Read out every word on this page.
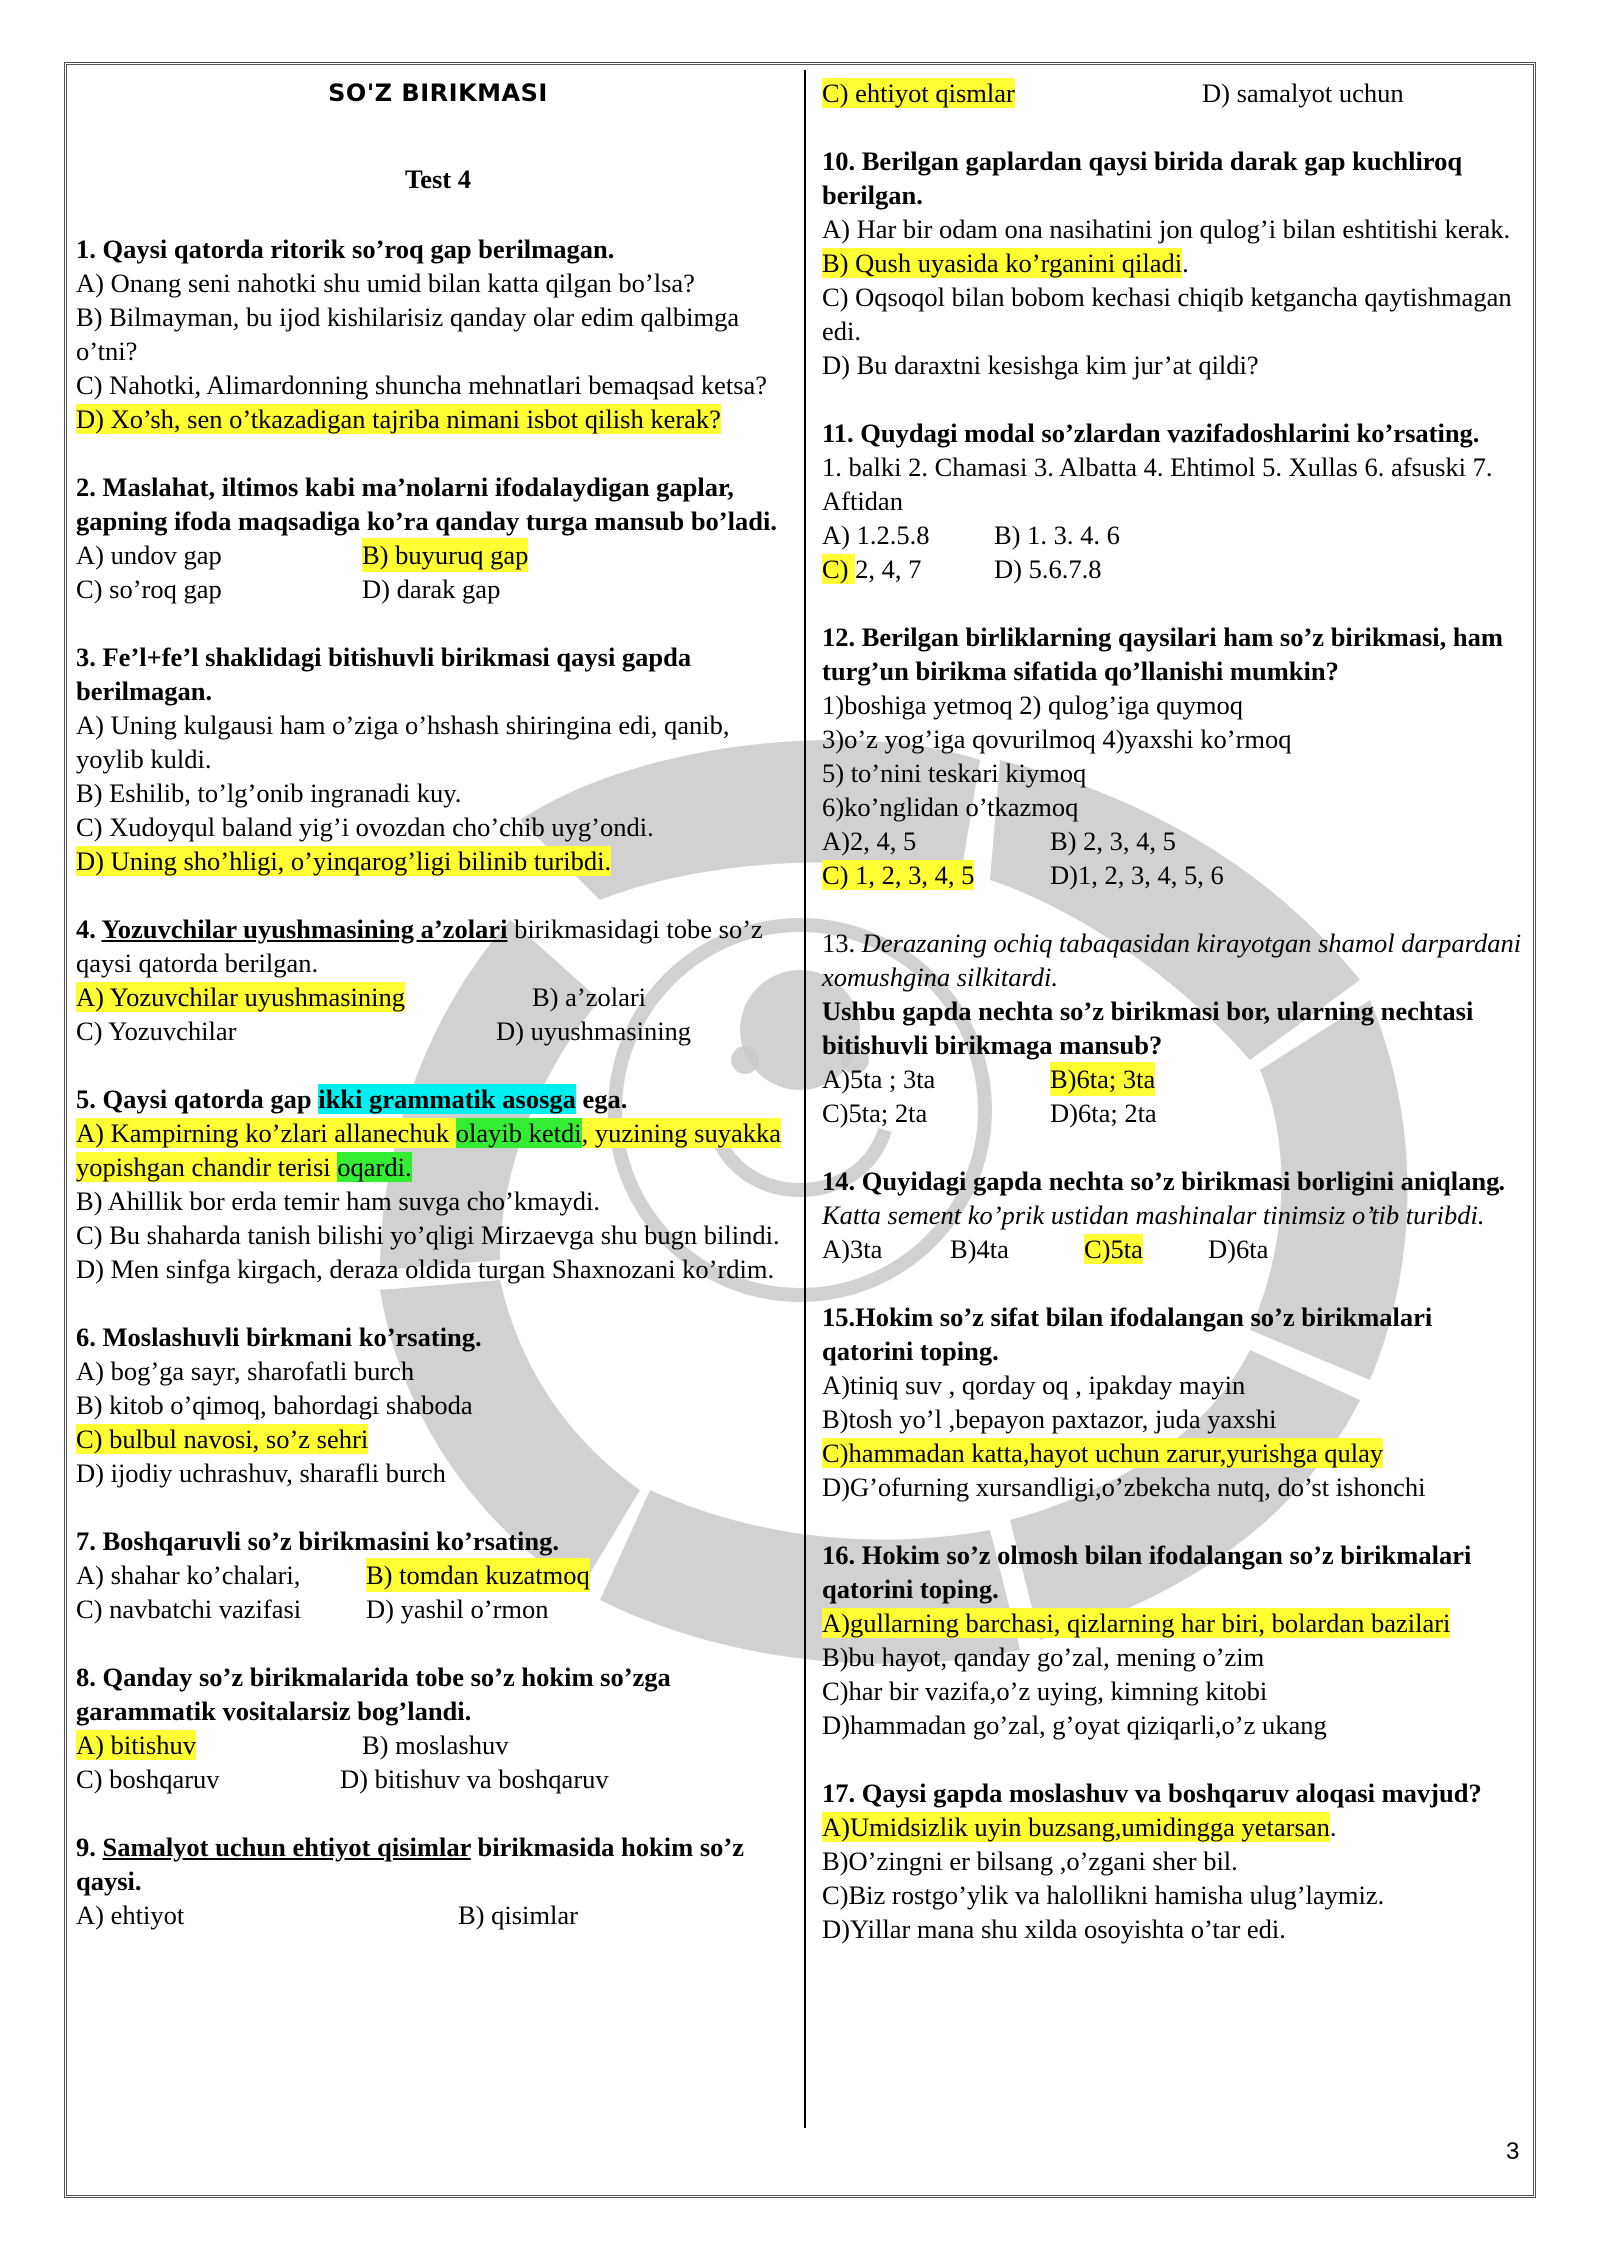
SO'Z BIRIKMASI
Test 4
1. Qaysi qatorda ritorik so’roq gap berilmagan.
A) Onang seni nahotki shu umid bilan katta qilgan bo’lsa?
B) Bilmayman, bu ijod kishilarisiz qanday olar edim qalbimga o’tni?
C) Nahotki, Alimardonning shuncha mehnatlari bemaqsad ketsa?
D) Xo’sh, sen o’tkazadigan tajriba nimani isbot qilish kerak?
2. Maslahat, iltimos kabi ma’nolarni ifodalaydigan gaplar, gapning ifoda maqsadiga ko’ra qanday turga mansub bo’ladi.
A) undov gap	B) buyuruq gap
C) so’roq gap	D) darak gap
3. Fe’l+fe’l shaklidagi bitishuvli birikmasi qaysi gapda berilmagan.
A) Uning kulgausi ham o’ziga o’hshash shiringina edi, qanib, yoylib kuldi.
B) Eshilib, to’lg’onib ingranadi kuy.
C) Xudoyqul baland yig’i ovozdan cho’chib uyg’ondi.
D) Uning sho’hligi, o’yinqarog’ligi bilinib turibdi.
4. Yozuvchilar uyushmasining a’zolari birikmasidagi tobe so’z qaysi qatorda berilgan.
A) Yozuvchilar uyushmasining	B) a’zolari
C) Yozuvchilar	D) uyushmasining
5. Qaysi qatorda gap ikki grammatik asosga ega.
A) Kampirning ko’zlari allanechuk olayib ketdi, yuzining suyakka yopishgan chandir terisi oqardi.
B) Ahillik bor erda temir ham suvga cho’kmaydi.
C) Bu shaharda tanish bilishi yo’qligi Mirzaevga shu bugn bilindi.
D) Men sinfga kirgach, deraza oldida turgan Shaxnozani ko’rdim.
6. Moslashuvli birkmani ko’rsating.
A) bog’ga sayr, sharofatli burch
B) kitob o’qimoq, bahordagi shaboda
C) bulbul navosi, so’z sehri
D) ijodiy uchrashuv, sharafli burch
7. Boshqaruvli so’z birikmasini ko’rsating.
A) shahar ko’chalari,	B) tomdan kuzatmoq
C) navbatchi vazifasi	D) yashil o’rmon
8. Qanday so’z birikmalarida tobe so’z hokim so’zga garammatik vositalarsiz bog’landi.
A) bitishuv	B) moslashuv
C) boshqaruv	D) bitishuv va boshqaruv
9. Samalyot uchun ehtiyot qisimlar birikmasida hokim so’z qaysi.
A) ehtiyot	B) qisimlar
C) ehtiyot qismlar	D) samalyot uchun
10. Berilgan gaplardan qaysi birida darak gap kuchliroq berilgan.
A) Har bir odam ona nasihatini jon qulog’i bilan eshtitishi kerak.
B) Qush uyasida ko’rganini qiladi.
C) Oqsoqol bilan bobom kechasi chiqib ketgancha qaytishmagan edi.
D) Bu daraxtni kesishga kim jur’at qildi?
11. Quydagi modal so’zlardan vazifadoshlarini ko’rsating.
1. balki 2. Chamasi 3. Albatta 4. Ehtimol 5. Xullas 6. afsuski 7. Aftidan
A) 1.2.5.8	B) 1. 3. 4. 6
C) 2, 4, 7	D) 5.6.7.8
12. Berilgan birliklarning qaysilari ham so’z birikmasi, ham turg’un birikma sifatida qo’llanishi mumkin?
1)boshiga yetmoq 2) qulog’iga quymoq
3)o’z yog’iga qovurilmoq 4)yaxshi ko’rmoq
5) to’nini teskari kiymoq
6)ko’nglidan o’tkazmoq
A)2, 4, 5	B) 2, 3, 4, 5
C) 1, 2, 3, 4, 5	D)1, 2, 3, 4, 5, 6
13. Derazaning ochiq tabaqasidan kirayotgan shamol darpardani xomushgina silkitardi.
Ushbu gapda nechta so’z birikmasi bor, ularning nechtasi bitishuvli birikmaga mansub?
A)5ta ; 3ta	B)6ta; 3ta
C)5ta; 2ta	D)6ta; 2ta
14. Quyidagi gapda nechta so’z birikmasi borligini aniqlang.
Katta sement ko’prik ustidan mashinalar tinimsiz o’tib turibdi.
A)3ta	B)4ta	C)5ta	D)6ta
15.Hokim so’z sifat bilan ifodalangan so’z birikmalari qatorini toping.
A)tiniq suv , qorday oq , ipakday mayin
B)tosh yo’l ,bepayon paxtazor, juda yaxshi
C)hammadan katta,hayot uchun zarur,yurishga qulay
D)G’ofurning xursandligi,o’zbekcha nutq, do’st ishonchi
16. Hokim so’z olmosh bilan ifodalangan so’z birikmalari qatorini toping.
A)gullarning barchasi, qizlarning har biri, bolardan bazilari
B)bu hayot, qanday go’zal, mening o’zim
C)har bir vazifa,o’z uying, kimning kitobi
D)hammadan go’zal, g’oyat qiziqarli,o’z ukang
17. Qaysi gapda moslashuv va boshqaruv aloqasi mavjud?
A)Umidsizlik uyin buzsang,umidingga yetarsan.
B)O’zingni er bilsang ,o’zgani sher bil.
C)Biz rostgo’ylik va halollikni hamisha ulug’laymiz.
D)Yillar mana shu xilda osoyishta o’tar edi.
3
